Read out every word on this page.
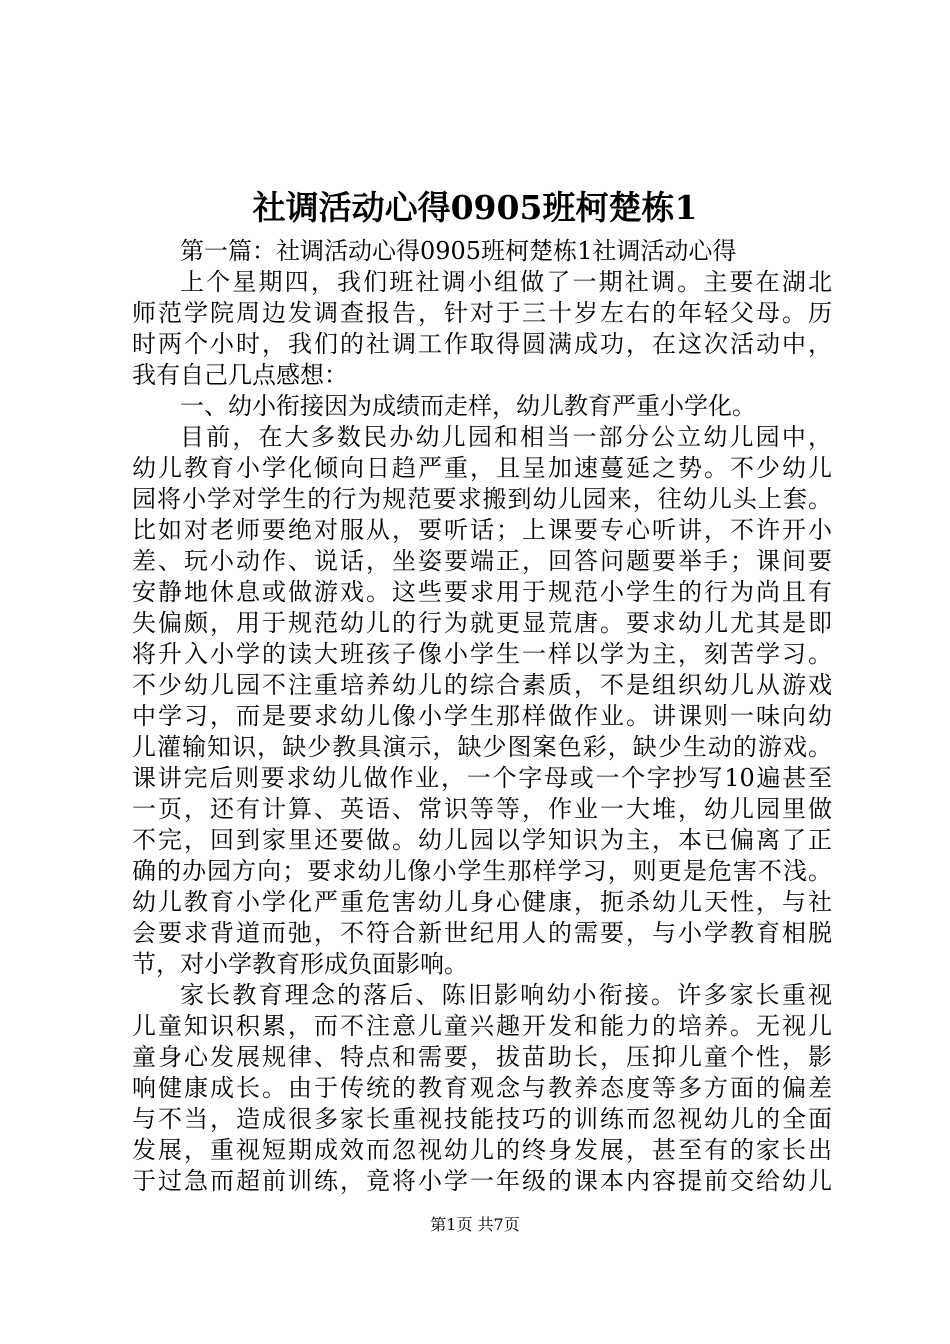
社调活动心得0905班柯楚栋1
第一篇：社调活动心得0905班柯楚栋1社调活动心得
上个星期四，我们班社调小组做了一期社调。主要在湖北
师范学院周边发调查报告，针对于三十岁左右的年轻父母。历
时两个小时，我们的社调工作取得圆满成功，在这次活动中，
我有自己几点感想：
一、幼小衔接因为成绩而走样，幼儿教育严重小学化。
目前，在大多数民办幼儿园和相当一部分公立幼儿园中，
幼儿教育小学化倾向日趋严重，且呈加速蔓延之势。不少幼儿
园将小学对学生的行为规范要求搬到幼儿园来，往幼儿头上套。
比如对老师要绝对服从，要听话；上课要专心听讲，不许开小
差、玩小动作、说话，坐姿要端正，回答问题要举手；课间要
安静地休息或做游戏。这些要求用于规范小学生的行为尚且有
失偏颇，用于规范幼儿的行为就更显荒唐。要求幼儿尤其是即
将升入小学的读大班孩子像小学生一样以学为主，刻苦学习。
不少幼儿园不注重培养幼儿的综合素质，不是组织幼儿从游戏
中学习，而是要求幼儿像小学生那样做作业。讲课则一味向幼
儿灌输知识，缺少教具演示，缺少图案色彩，缺少生动的游戏。
课讲完后则要求幼儿做作业，一个字母或一个字抄写10遍甚至
一页，还有计算、英语、常识等等，作业一大堆，幼儿园里做
不完，回到家里还要做。幼儿园以学知识为主，本已偏离了正
确的办园方向；要求幼儿像小学生那样学习，则更是危害不浅。
幼儿教育小学化严重危害幼儿身心健康，扼杀幼儿天性，与社
会要求背道而弛，不符合新世纪用人的需要，与小学教育相脱
节，对小学教育形成负面影响。
家长教育理念的落后、陈旧影响幼小衔接。许多家长重视
儿童知识积累，而不注意儿童兴趣开发和能力的培养。无视儿
童身心发展规律、特点和需要，拔苗助长，压抑儿童个性，影
响健康成长。由于传统的教育观念与教养态度等多方面的偏差
与不当，造成很多家长重视技能技巧的训练而忽视幼儿的全面
发展，重视短期成效而忽视幼儿的终身发展，甚至有的家长出
于过急而超前训练，竟将小学一年级的课本内容提前交给幼儿
第1页 共7页
